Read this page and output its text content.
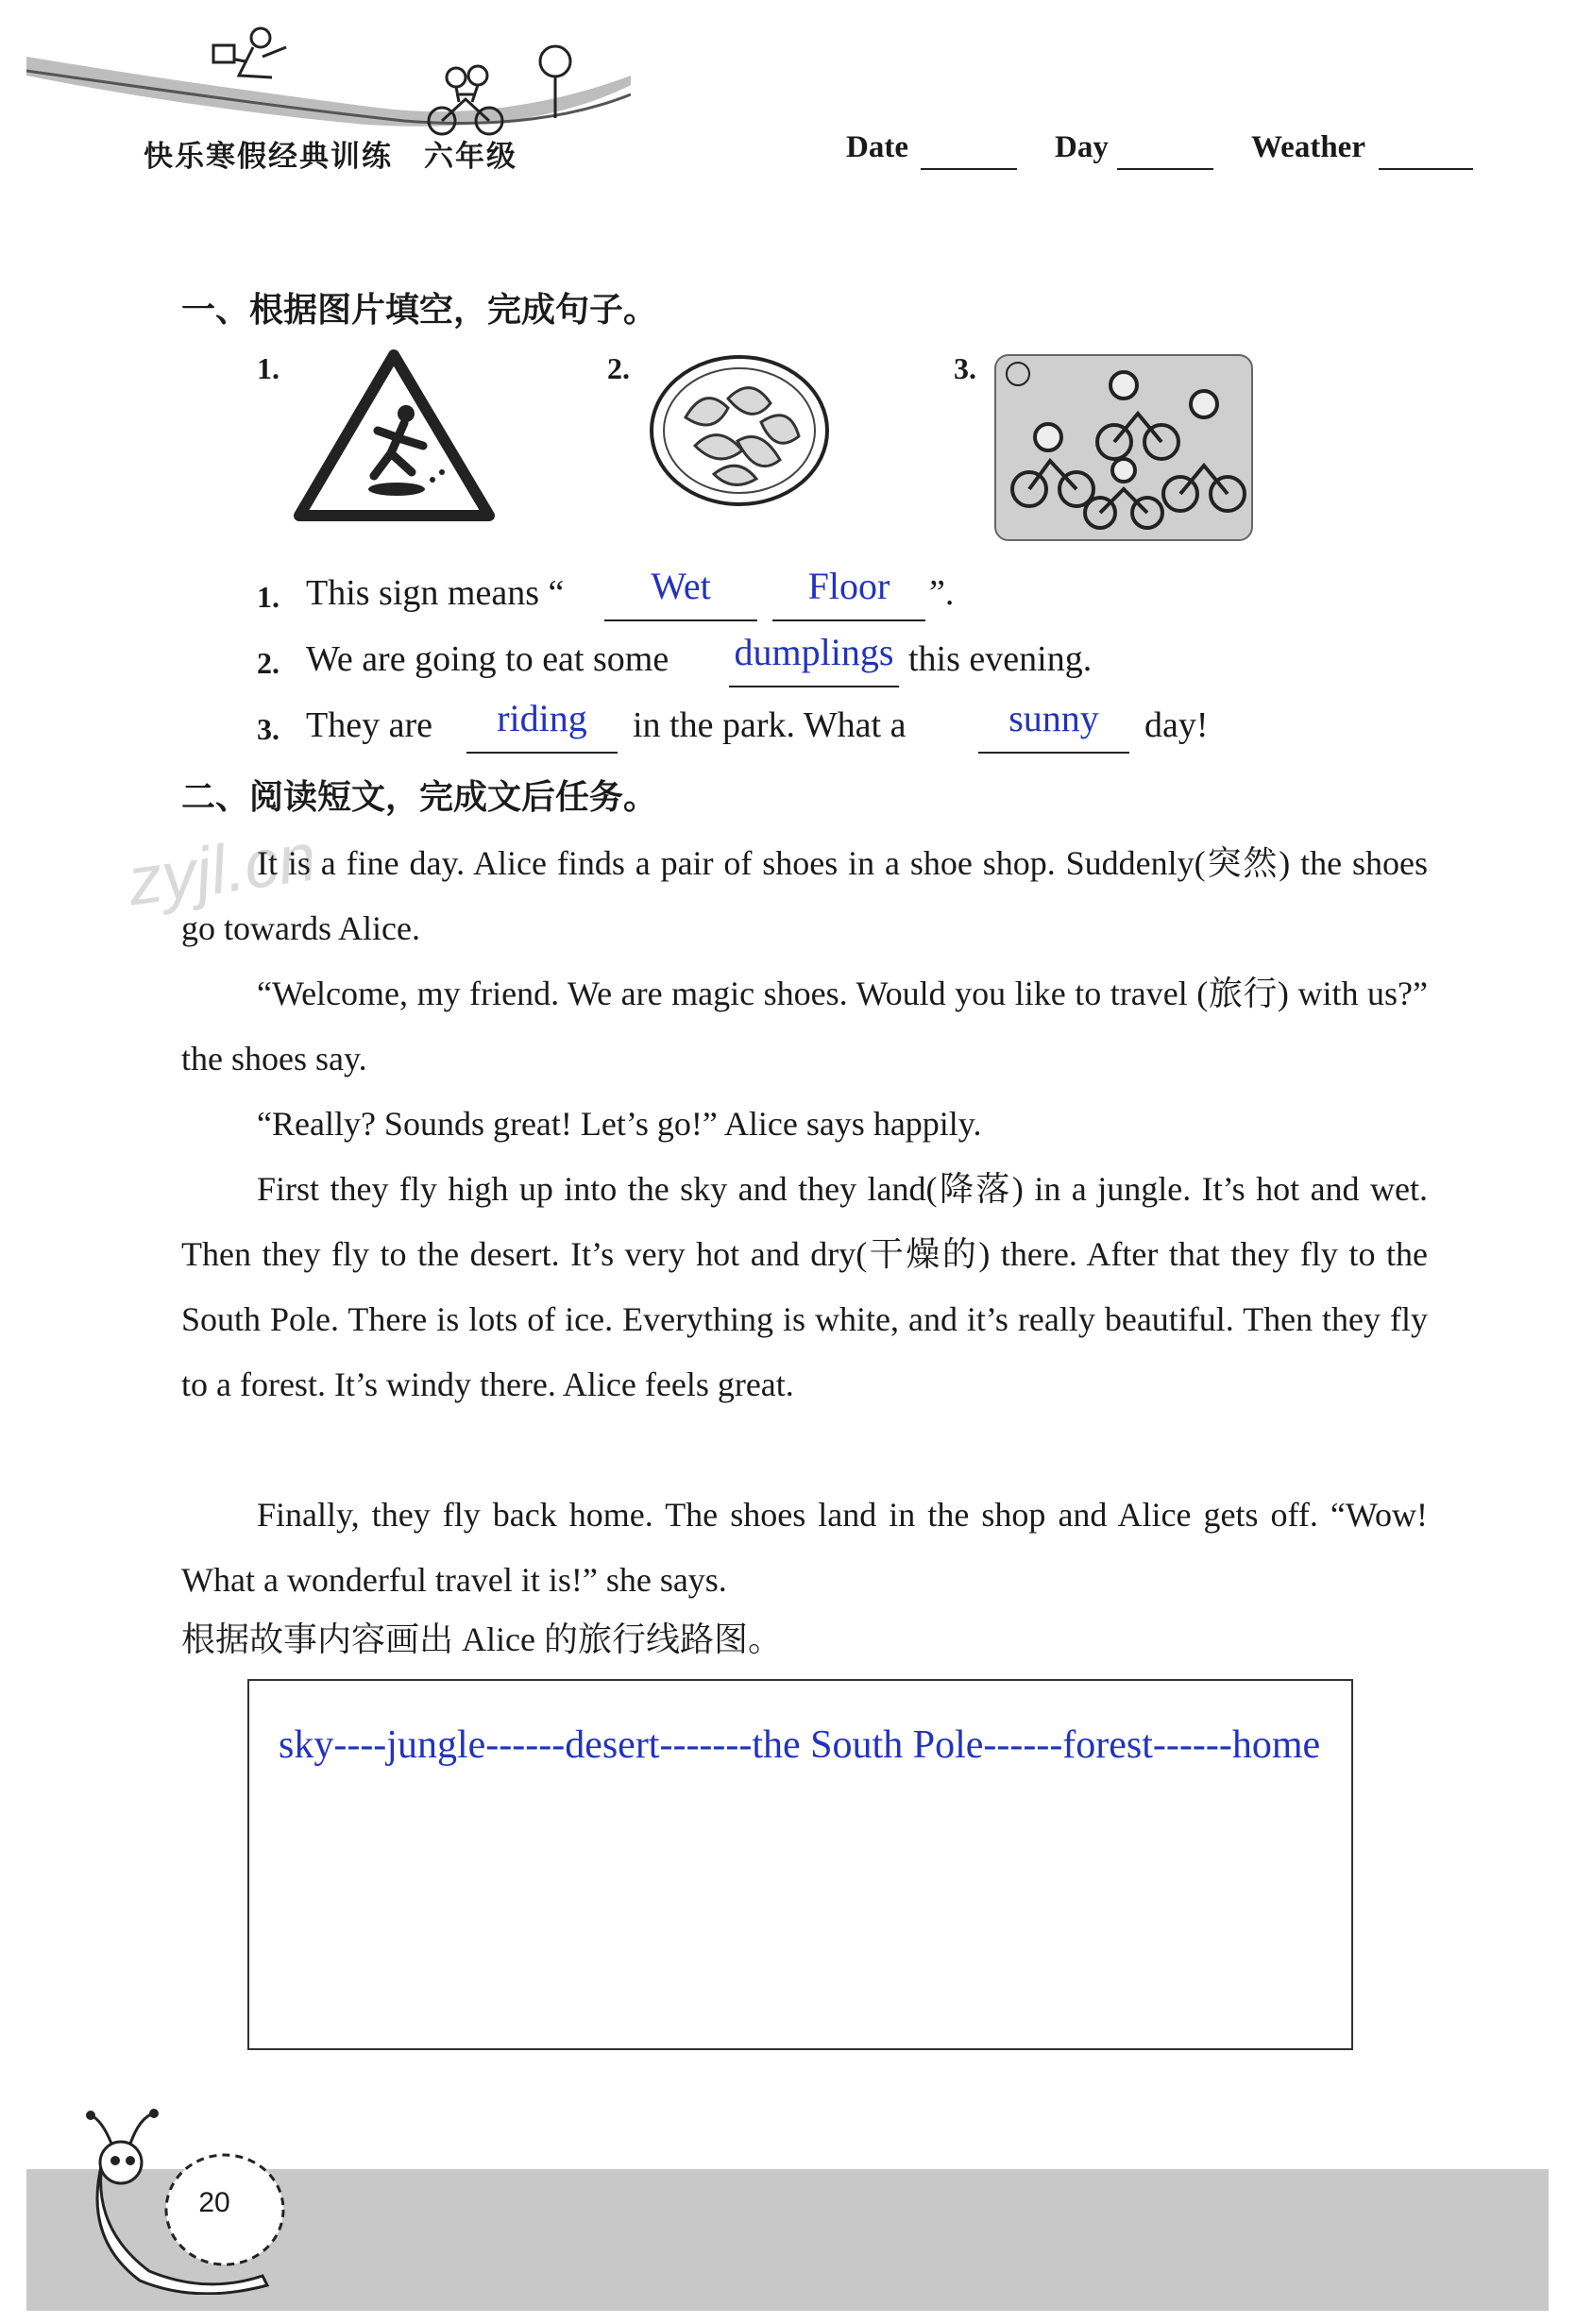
快乐寒假经典训练　六年级	Date	Day	Weather
一、根据图片填空，完成句子。
1.	2.	3.
1. This sign means “	Wet	Floor	”.
2. We are going to eat some	dumplings this evening.
3. They are	riding	in the park. What a	sunny	day!
二、阅读短文，完成文后任务。
zyjl.cn
It is a fine day. Alice finds a pair of shoes in a shoe shop. Suddenly(突然) the shoes go towards Alice.
“Welcome, my friend. We are magic shoes. Would you like to travel (旅行) with us?” the shoes say.
“Really? Sounds great! Let’s go!” Alice says happily.
First they fly high up into the sky and they land(降落) in a jungle. It’s hot and wet. Then they fly to the desert. It’s very hot and dry(干燥的) there. After that they fly to the South Pole. There is lots of ice. Everything is white, and it’s really beautiful. Then they fly to a forest. It’s windy there. Alice feels great.
Finally, they fly back home. The shoes land in the shop and Alice gets off. “Wow! What a wonderful travel it is!” she says.
根据故事内容画出 Alice 的旅行线路图。
sky----jungle------desert-------the South Pole------forest------home
20
